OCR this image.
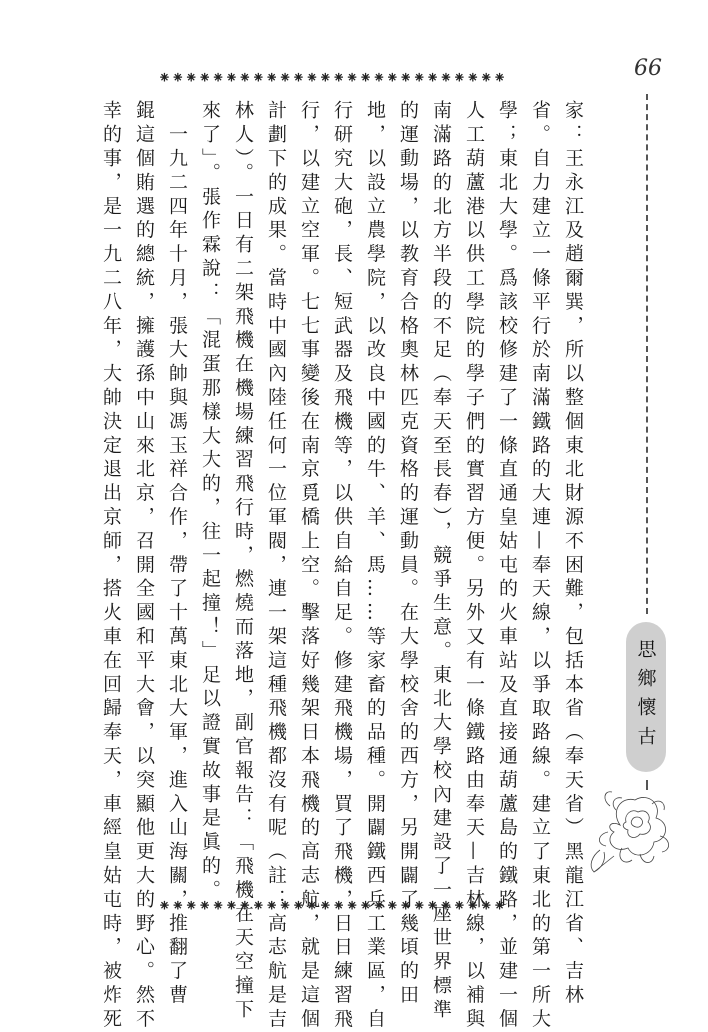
⁕⁕⁕⁕⁕⁕⁕⁕⁕⁕⁕⁕⁕⁕⁕⁕⁕⁕⁕⁕⁕⁕⁕⁕⁕⁕	66
思鄉懷古
家：王永江及趙爾巽，所以整個東北財源不困難，包括本省（奉天省）黑龍江省、吉林
省。自力建立一條平行於南滿鐵路的大連—奉天線，以爭取路線。建立了東北的第一所大
學；東北大學。爲該校修建了一條直通皇姑屯的火車站及直接通葫蘆島的鐵路，並建一個
人工葫蘆港以供工學院的學子們的實習方便。另外又有一條鐵路由奉天—吉林線，以補與
南滿路的北方半段的不足（奉天至長春），競爭生意。東北大學校內建設了一座世界標準
的運動場，以教育合格奧林匹克資格的運動員。在大學校舍的西方，另開闢了幾頃的田
地，以設立農學院，以改良中國的牛、羊、馬……等家畜的品種。開闢鐵西兵工業區，自
行研究大砲，長、短武器及飛機等，以供自給自足。修建飛機場，買了飛機，日日練習飛
行，以建立空軍。七七事變後在南京覓橋上空。擊落好幾架日本飛機的高志航，就是這個
計劃下的成果。當時中國內陸任何一位軍閥，連一架這種飛機都沒有呢（註：高志航是吉
林人）。一日有二架飛機在機場練習飛行時，燃燒而落地，副官報告：「飛機在天空撞下
來了」。張作霖說：「混蛋那樣大大的，往一起撞！」足以證實故事是眞的。
　一九二四年十月，張大帥與馮玉祥合作，帶了十萬東北大軍，進入山海關，推翻了曹
錕這個賄選的總統，擁護孫中山來北京，召開全國和平大會，以突顯他更大的野心。然不
幸的事，是一九二八年，大帥決定退出京師，搭火車在回歸奉天，車經皇姑屯時，被炸死	⁕⁕⁕⁕⁕⁕⁕⁕⁕⁕⁕⁕⁕⁕⁕⁕⁕⁕⁕⁕⁕⁕⁕⁕⁕⁕
